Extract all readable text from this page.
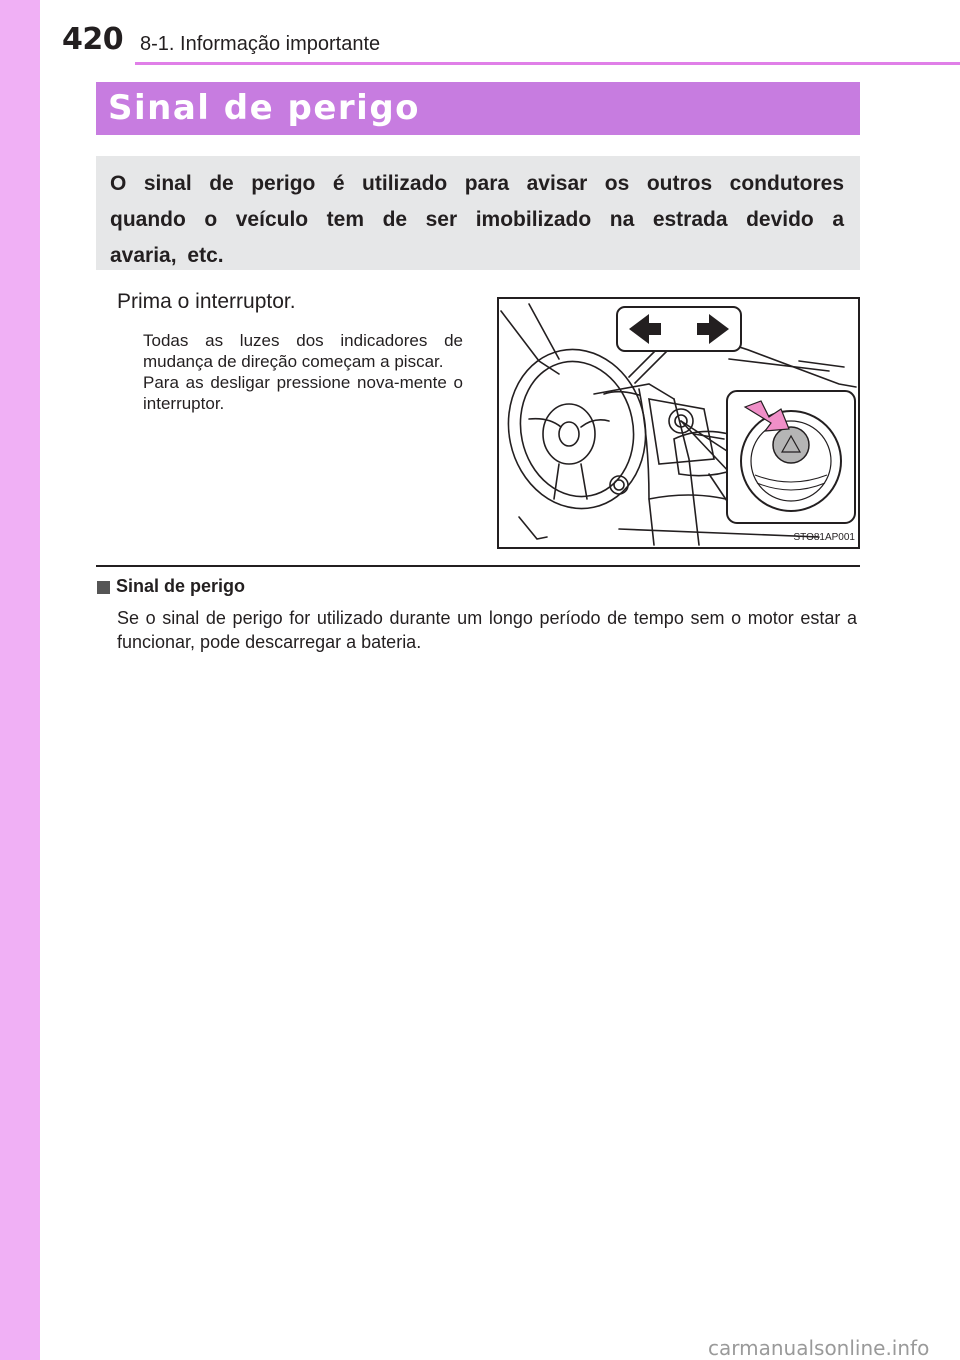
420 8-1. Informação importante
Sinal de perigo
O sinal de perigo é utilizado para avisar os outros condutores quando o veículo tem de ser imobilizado na estrada devido a avaria, etc.
Prima o interruptor.

Todas as luzes dos indicadores de mudança de direção começam a piscar.

Para as desligar pressione nova-mente o interruptor.

STO81AP001
Sinal de perigo
Se o sinal de perigo for utilizado durante um longo período de tempo sem o motor estar a funcionar, pode descarregar a bateria.
carmanualsonline.info
